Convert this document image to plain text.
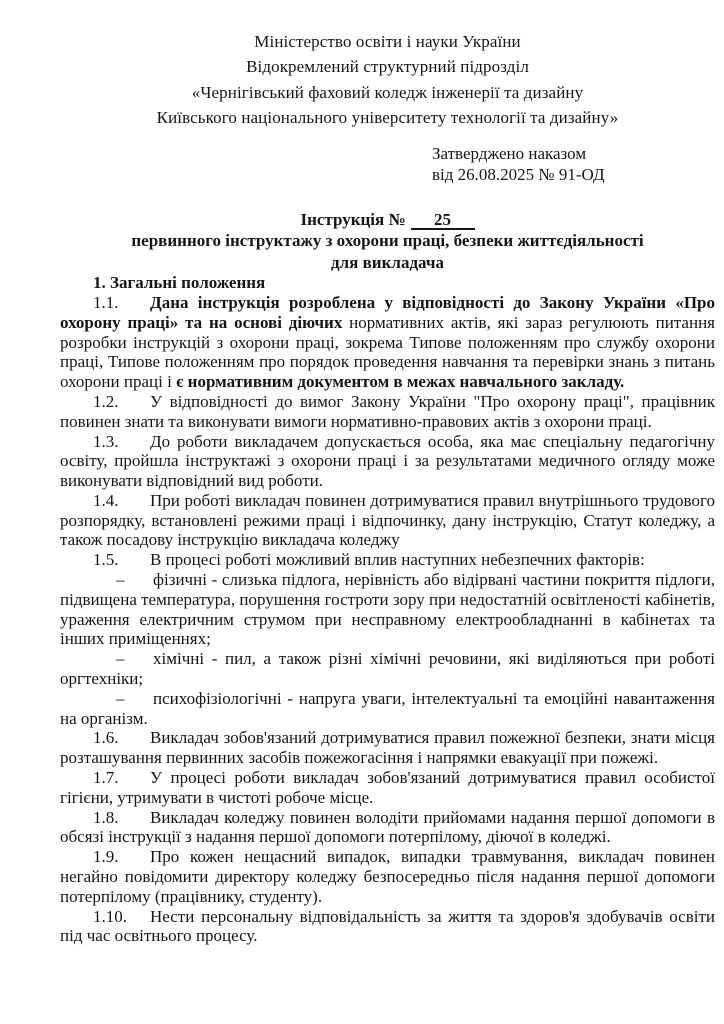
Міністерство освіти і науки України
Відокремлений структурний підрозділ
«Чернігівський фаховий коледж інженерії та дизайну
Київського національного університету технології та дизайну»
Затверджено наказом
від 26.08.2025 № 91-ОД
Інструкція № 25
первинного інструктажу з охорони праці, безпеки життєдіяльності
для викладача

1. Загальні положення

1.1. Дана інструкція розроблена у відповідності до Закону України «Про охорону праці» та на основі діючих нормативних актів, які зараз регулюють питання розробки інструкцій з охорони праці, зокрема Типове положенням про службу охорони праці, Типове положенням про порядок проведення навчання та перевірки знань з питань охорони праці і є нормативним документом в межах навчального закладу.

1.2. У відповідності до вимог Закону України "Про охорону праці", працівник повинен знати та виконувати вимоги нормативно-правових актів з охорони праці.

1.3. До роботи викладачем допускається особа, яка має спеціальну педагогічну освіту, пройшла інструктажі з охорони праці і за результатами медичного огляду може виконувати відповідний вид роботи.

1.4. При роботі викладач повинен дотримуватися правил внутрішнього трудового розпорядку, встановлені режими праці і відпочинку, дану інструкцію, Статут коледжу, а також посадову інструкцію викладача коледжу

1.5. В процесі роботі можливий вплив наступних небезпечних факторів:

– фізичні - слизька підлога, нерівність або відірвані частини покриття підлоги, підвищена температура, порушення гостроти зору при недостатній освітленості кабінетів, ураження електричним струмом при несправному електрообладнанні в кабінетах та інших приміщеннях;

– хімічні - пил, а також різні хімічні речовини, які виділяються при роботі оргтехніки;

– психофізіологічні - напруга уваги, інтелектуальні та емоційні навантаження на організм.

1.6. Викладач зобов'язаний дотримуватися правил пожежної безпеки, знати місця розташування первинних засобів пожежогасіння і напрямки евакуації при пожежі.

1.7. У процесі роботи викладач зобов'язаний дотримуватися правил особистої гігієни, утримувати в чистоті робоче місце.

1.8. Викладач коледжу повинен володіти прийомами надання першої допомоги в обсязі інструкції з надання першої допомоги потерпілому, діючої в коледжі.

1.9. Про кожен нещасний випадок, випадки травмування, викладач повинен негайно повідомити директору коледжу безпосередньо після надання першої допомоги потерпілому (працівнику, студенту).

1.10. Нести персональну відповідальність за життя та здоров'я здобувачів освіти під час освітнього процесу.
